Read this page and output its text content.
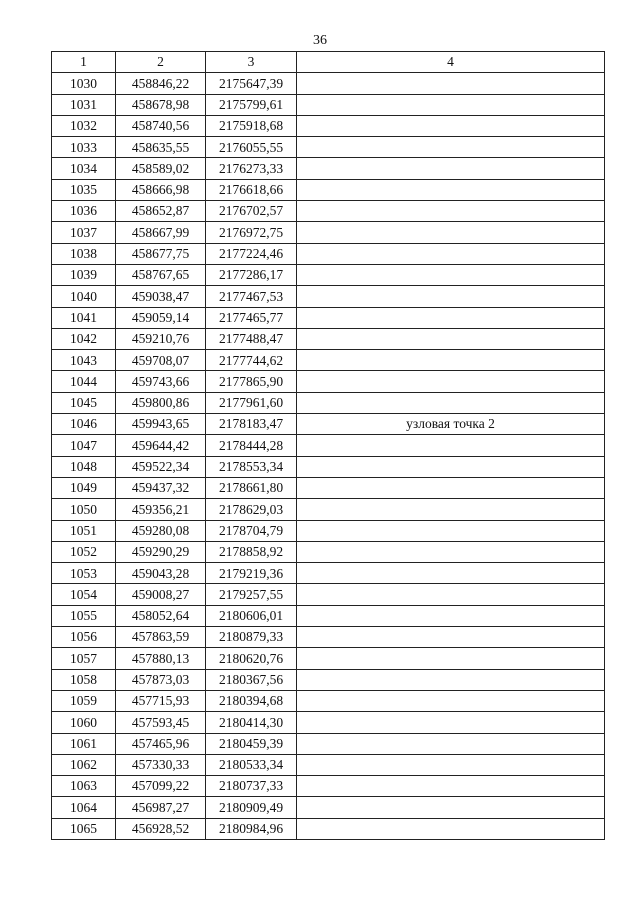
36
1	2	3	4
1030	458846,22	2175647,39	
1031	458678,98	2175799,61	
1032	458740,56	2175918,68	
1033	458635,55	2176055,55	
1034	458589,02	2176273,33	
1035	458666,98	2176618,66	
1036	458652,87	2176702,57	
1037	458667,99	2176972,75	
1038	458677,75	2177224,46	
1039	458767,65	2177286,17	
1040	459038,47	2177467,53	
1041	459059,14	2177465,77	
1042	459210,76	2177488,47	
1043	459708,07	2177744,62	
1044	459743,66	2177865,90	
1045	459800,86	2177961,60	
1046	459943,65	2178183,47	узловая точка 2
1047	459644,42	2178444,28	
1048	459522,34	2178553,34	
1049	459437,32	2178661,80	
1050	459356,21	2178629,03	
1051	459280,08	2178704,79	
1052	459290,29	2178858,92	
1053	459043,28	2179219,36	
1054	459008,27	2179257,55	
1055	458052,64	2180606,01	
1056	457863,59	2180879,33	
1057	457880,13	2180620,76	
1058	457873,03	2180367,56	
1059	457715,93	2180394,68	
1060	457593,45	2180414,30	
1061	457465,96	2180459,39	
1062	457330,33	2180533,34	
1063	457099,22	2180737,33	
1064	456987,27	2180909,49	
1065	456928,52	2180984,96	
